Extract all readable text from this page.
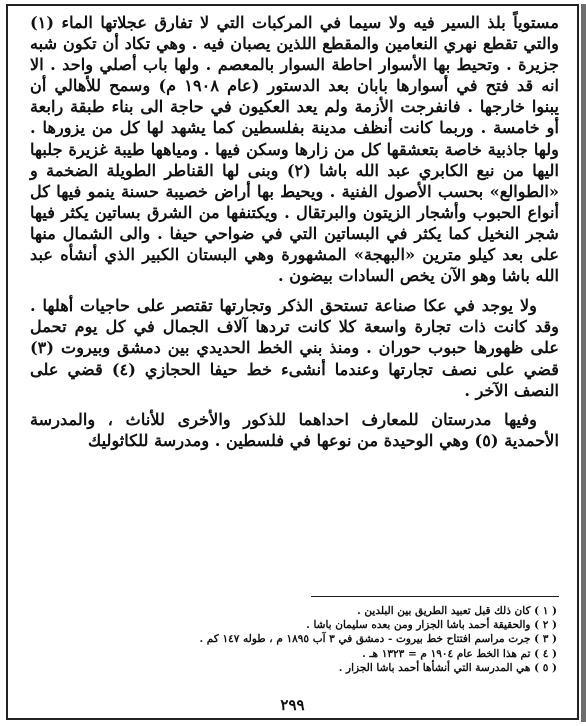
مستوياً بلذ السير فيه ولا سيما في المركبات التي لا تفارق عجلاتها الماء (١) والتي تقطع نهري النعامين والمقطع اللذين يصبان فيه . وهي تكاد أن تكون شبه جزيرة . وتحيط بها الأسوار احاطة السوار بالمعصم . ولها باب أصلي واحد . الا انه قد فتح في أسوارها بابان بعد الدستور (عام ١٩٠٨ م) وسمح للأهالي أن يبنوا خارجها . فانفرجت الأزمة ولم يعد العكيون في حاجة الى بناء طبقة رابعة أو خامسة . وربما كانت أنظف مدينة بفلسطين كما يشهد لها كل من يزورها . ولها جاذبية خاصة بتعشقها كل من زارها وسكن فيها . ومياهها طيبة غزيرة جلبها اليها من نبع الكابري عبد الله باشا (٢) وبنى لها القناطر الطويلة الضخمة و «الطوالع» بحسب الأصول الفنية . ويحيط بها أراض خصيبة حسنة ينمو فيها كل أنواع الحبوب وأشجار الزيتون والبرتقال . ويكتنفها من الشرق بساتين يكثر فيها شجر النخيل كما يكثر في البساتين التي في ضواحي حيفا . والى الشمال منها على بعد كيلو مترين «البهجة» المشهورة وهي البستان الكبير الذي أنشأه عبد الله باشا وهو الآن يخص السادات بيضون .

ولا يوجد في عكا صناعة تستحق الذكر وتجارتها تقتصر على حاجيات أهلها . وقد كانت ذات تجارة واسعة كلا كانت تردها آلاف الجمال في كل يوم تحمل على ظهورها حبوب حوران . ومنذ بني الخط الحديدي بين دمشق وبيروت (٣) قضي على نصف تجارتها وعندما أنشىء خط حيفا الحجازي (٤) قضي على النصف الآخر .

وفيها مدرستان للمعارف احداهما للذكور والأخرى للأناث ، والمدرسة الأحمدية (٥) وهي الوحيدة من نوعها في فلسطين . ومدرسة للكاثوليك

( ١ ) كان ذلك قبل تعبيد الطريق بين البلدين .
( ٢ ) والحقيقة أحمد باشا الجزار ومن بعده سليمان باشا .
( ٣ ) جرت مراسم افتتاح خط بيروت - دمشق في ٣ آب ١٨٩٥ م ، طوله ١٤٧ كم .
( ٤ ) تم هذا الخط عام ١٩٠٤ م = ١٣٢٣ هـ .
( ٥ ) هي المدرسة التي أنشأها أحمد باشا الجزار .
٢٩٩
